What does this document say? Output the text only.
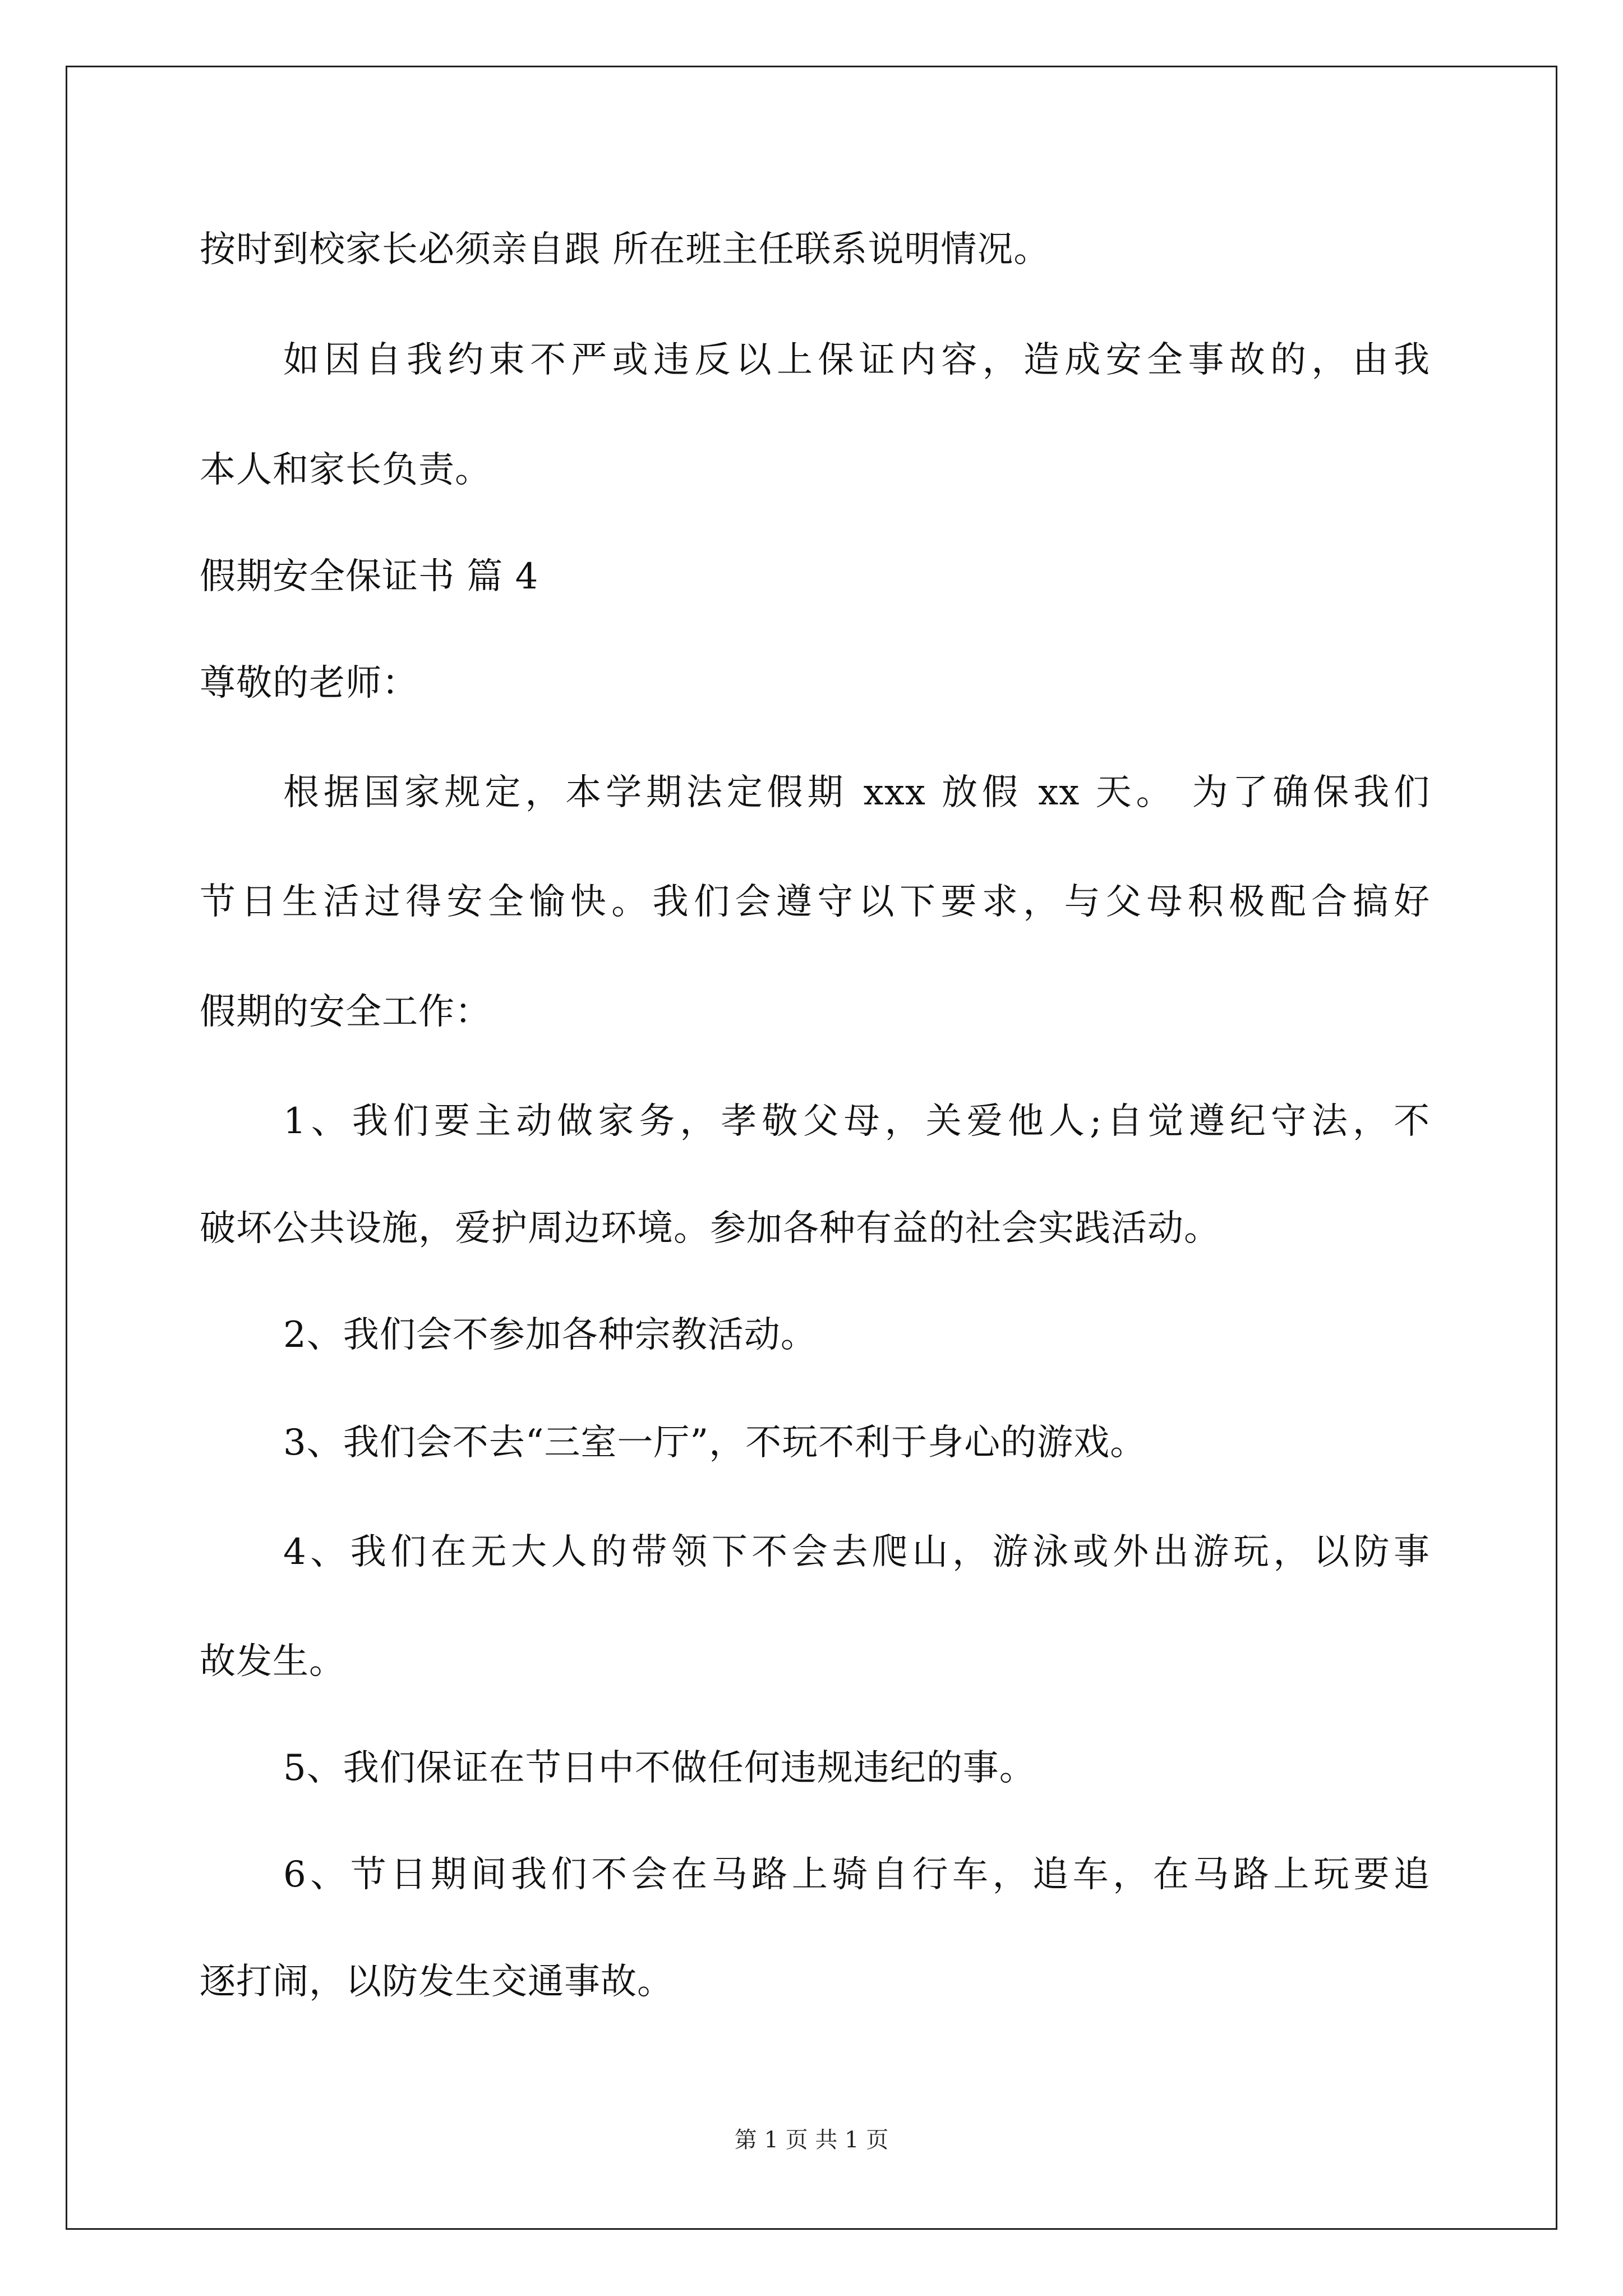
按时到校家长必须亲自跟 所在班主任联系说明情况。
如因自我约束不严或违反以上保证内容，造成安全事故的，由我
本人和家长负责。
假期安全保证书 篇 4
尊敬的老师：
根据国家规定，本学期法定假期 xxx 放假 xx 天。 为了确保我们
节日生活过得安全愉快。我们会遵守以下要求，与父母积极配合搞好
假期的安全工作：
1、我们要主动做家务，孝敬父母，关爱他人;自觉遵纪守法，不
破坏公共设施，爱护周边环境。参加各种有益的社会实践活动。
2、我们会不参加各种宗教活动。
3、我们会不去“三室一厅”，不玩不利于身心的游戏。
4、我们在无大人的带领下不会去爬山，游泳或外出游玩，以防事
故发生。
5、我们保证在节日中不做任何违规违纪的事。
6、节日期间我们不会在马路上骑自行车，追车，在马路上玩要追
逐打闹，以防发生交通事故。
第 1 页 共 1 页
